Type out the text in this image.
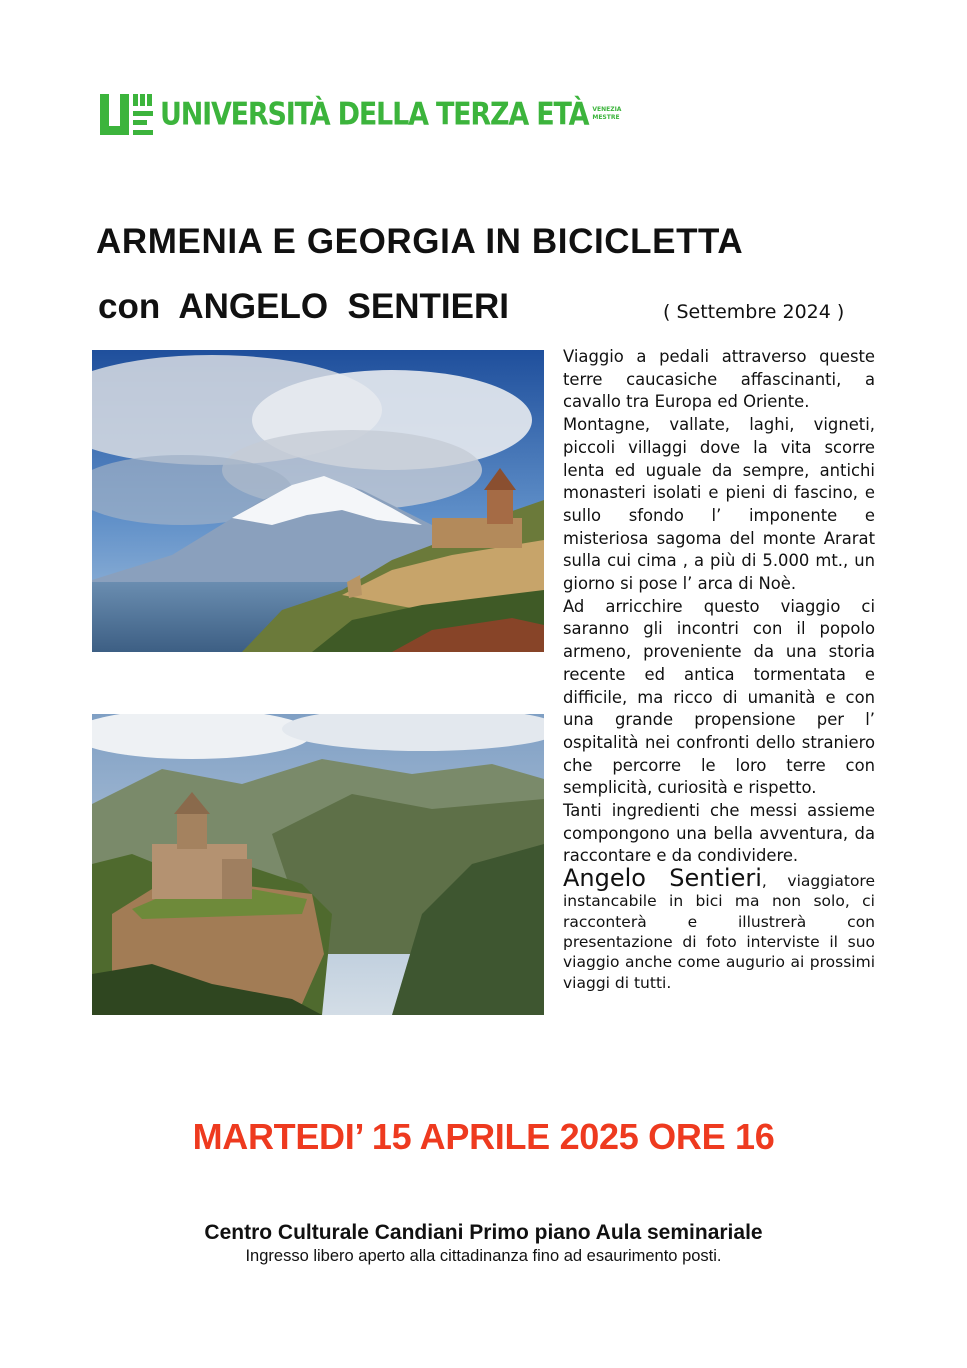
UNIVERSITÀ DELLA TERZA ETÀ VENEZIA
MESTRE
ARMENIA E GEORGIA IN BICICLETTA
con  ANGELO  SENTIERI	( Settembre 2024 )

Viaggio a pedali attraverso queste terre caucasiche affascinanti, a cavallo tra Europa ed Oriente.

Montagne, vallate, laghi, vigneti, piccoli villaggi dove la vita scorre lenta ed uguale da sempre, antichi monasteri isolati e pieni di fascino, e sullo sfondo l’ imponente e misteriosa sagoma del monte Ararat sulla cui cima , a più di 5.000 mt., un giorno si pose l’ arca di Noè.

Ad arricchire questo viaggio ci saranno gli incontri con il popolo armeno, proveniente da una storia recente ed antica tormentata e difficile, ma ricco di umanità e con una grande propensione per l’ ospitalità nei confronti dello straniero che percorre le loro terre con semplicità, curiosità e rispetto.

Tanti ingredienti che messi assieme compongono una bella avventura, da raccontare e da condividere.

Angelo Sentieri, viaggiatore instancabile in bici ma non solo, ci racconterà e illustrerà con presentazione di foto interviste il suo viaggio anche come augurio ai prossimi viaggi di tutti.

MARTEDI’ 15 APRILE 2025 ORE 16
Centro Culturale Candiani Primo piano Aula seminariale
Ingresso libero aperto alla cittadinanza fino ad esaurimento posti.
